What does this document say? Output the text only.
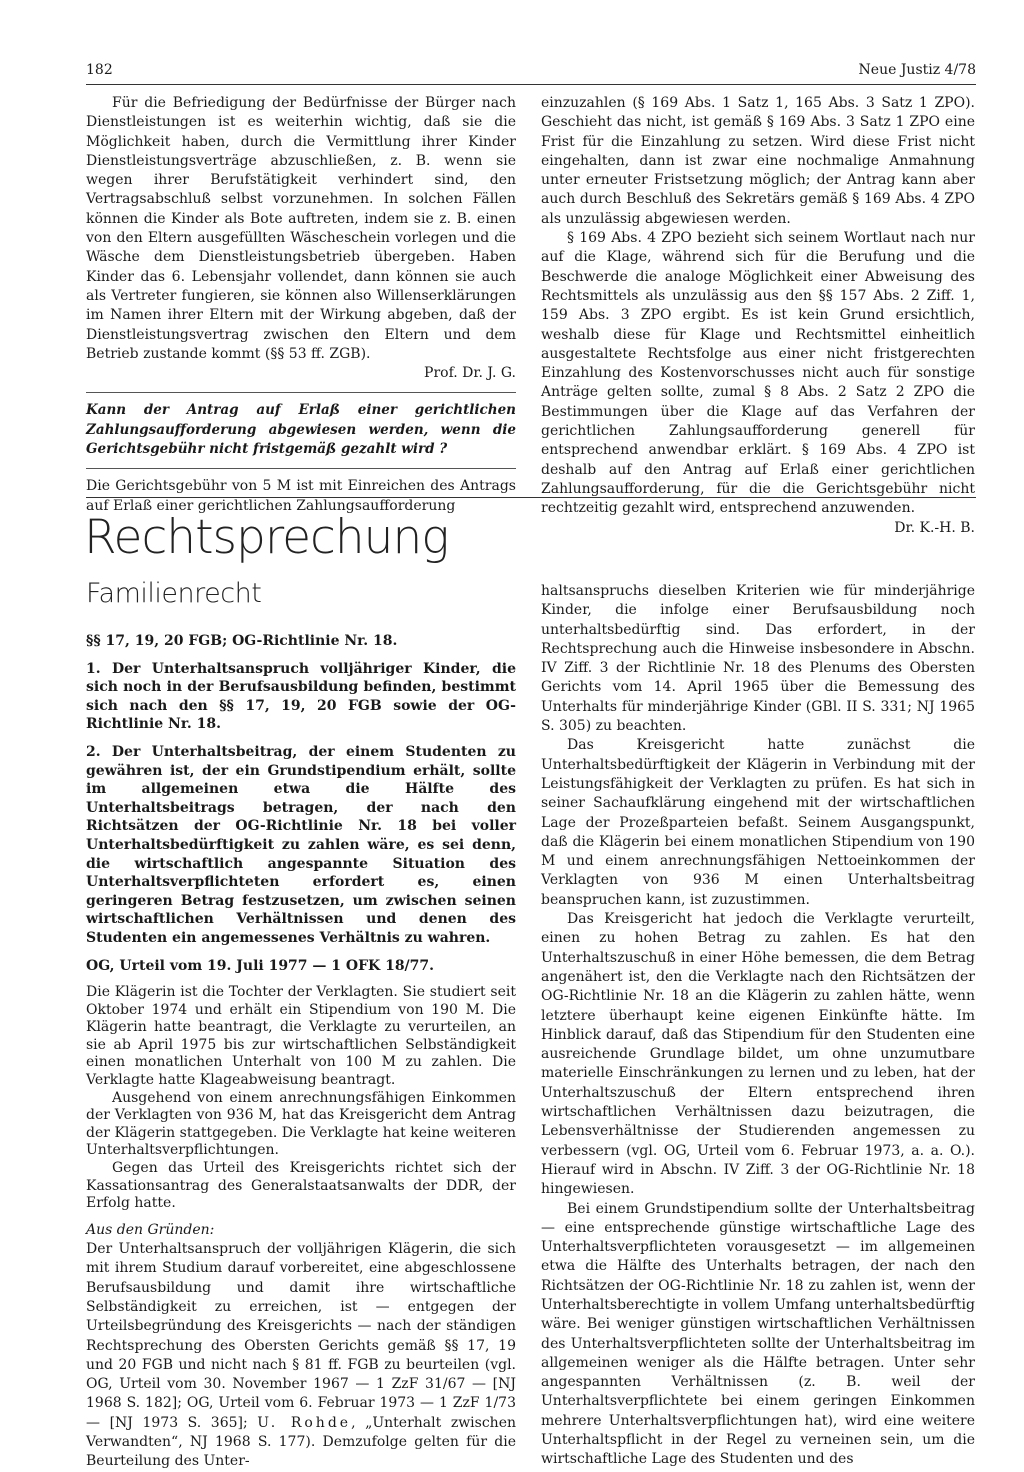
182	Neue Justiz 4/78

Für die Befriedigung der Bedürfnisse der Bürger nach Dienstleistungen ist es weiterhin wichtig, daß sie die Möglichkeit haben, durch die Vermittlung ihrer Kinder Dienstleistungsverträge abzuschließen, z. B. wenn sie wegen ihrer Berufstätigkeit verhindert sind, den Vertragsabschluß selbst vorzunehmen. In solchen Fällen können die Kinder als Bote auftreten, indem sie z. B. einen von den Eltern ausgefüllten Wäscheschein vorlegen und die Wäsche dem Dienstleistungsbetrieb übergeben. Haben Kinder das 6. Lebensjahr vollendet, dann können sie auch als Vertreter fungieren, sie können also Willenserklärungen im Namen ihrer Eltern mit der Wirkung abgeben, daß der Dienstleistungsvertrag zwischen den Eltern und dem Betrieb zustande kommt (§§ 53 ff. ZGB).

Prof. Dr. J. G.

Kann der Antrag auf Erlaß einer gerichtlichen Zahlungsaufforderung abgewiesen werden, wenn die Gerichtsgebühr nicht fristgemäß gezahlt wird ?

Die Gerichtsgebühr von 5 M ist mit Einreichen des Antrags auf Erlaß einer gerichtlichen Zahlungsaufforderung

einzuzahlen (§ 169 Abs. 1 Satz 1, 165 Abs. 3 Satz 1 ZPO). Geschieht das nicht, ist gemäß § 169 Abs. 3 Satz 1 ZPO eine Frist für die Einzahlung zu setzen. Wird diese Frist nicht eingehalten, dann ist zwar eine nochmalige Anmahnung unter erneuter Fristsetzung möglich; der Antrag kann aber auch durch Beschluß des Sekretärs gemäß § 169 Abs. 4 ZPO als unzulässig abgewiesen werden.

§ 169 Abs. 4 ZPO bezieht sich seinem Wortlaut nach nur auf die Klage, während sich für die Berufung und die Beschwerde die analoge Möglichkeit einer Abweisung des Rechtsmittels als unzulässig aus den §§ 157 Abs. 2 Ziff. 1, 159 Abs. 3 ZPO ergibt. Es ist kein Grund ersichtlich, weshalb diese für Klage und Rechtsmittel einheitlich ausgestaltete Rechtsfolge aus einer nicht fristgerechten Einzahlung des Kostenvorschusses nicht auch für sonstige Anträge gelten sollte, zumal § 8 Abs. 2 Satz 2 ZPO die Bestimmungen über die Klage auf das Verfahren der gerichtlichen Zahlungsaufforderung generell für entsprechend anwendbar erklärt. § 169 Abs. 4 ZPO ist deshalb auf den Antrag auf Erlaß einer gerichtlichen Zahlungsaufforderung, für die die Gerichtsgebühr nicht rechtzeitig gezahlt wird, entsprechend anzuwenden.

Dr. K.-H. B.

Rechtsprechung
Familienrecht

§§ 17, 19, 20 FGB; OG-Richtlinie Nr. 18.

1. Der Unterhaltsanspruch volljähriger Kinder, die sich noch in der Berufsausbildung befinden, bestimmt sich nach den §§ 17, 19, 20 FGB sowie der OG-Richtlinie Nr. 18.

2. Der Unterhaltsbeitrag, der einem Studenten zu gewähren ist, der ein Grundstipendium erhält, sollte im allgemeinen etwa die Hälfte des Unterhaltsbeitrags betragen, der nach den Richtsätzen der OG-Richtlinie Nr. 18 bei voller Unterhaltsbedürftigkeit zu zahlen wäre, es sei denn, die wirtschaftlich angespannte Situation des Unterhaltsverpflichteten erfordert es, einen geringeren Betrag festzusetzen, um zwischen seinen wirtschaftlichen Verhältnissen und denen des Studenten ein angemessenes Verhältnis zu wahren.

OG, Urteil vom 19. Juli 1977 — 1 OFK 18/77.

Die Klägerin ist die Tochter der Verklagten. Sie studiert seit Oktober 1974 und erhält ein Stipendium von 190 M. Die Klägerin hatte beantragt, die Verklagte zu verurteilen, an sie ab April 1975 bis zur wirtschaftlichen Selbständigkeit einen monatlichen Unterhalt von 100 M zu zahlen. Die Verklagte hatte Klageabweisung beantragt.

Ausgehend von einem anrechnungsfähigen Einkommen der Verklagten von 936 M, hat das Kreisgericht dem Antrag der Klägerin stattgegeben. Die Verklagte hat keine weiteren Unterhaltsverpflichtungen.

Gegen das Urteil des Kreisgerichts richtet sich der Kassationsantrag des Generalstaatsanwalts der DDR, der Erfolg hatte.

Aus den Gründen:

Der Unterhaltsanspruch der volljährigen Klägerin, die sich mit ihrem Studium darauf vorbereitet, eine abgeschlossene Berufsausbildung und damit ihre wirtschaftliche Selbständigkeit zu erreichen, ist — entgegen der Urteilsbegründung des Kreisgerichts — nach der ständigen Rechtsprechung des Obersten Gerichts gemäß §§ 17, 19 und 20 FGB und nicht nach § 81 ff. FGB zu beurteilen (vgl. OG, Urteil vom 30. November 1967 — 1 ZzF 31/67 — [NJ 1968 S. 182]; OG, Urteil vom 6. Februar 1973 — 1 ZzF 1/73 — [NJ 1973 S. 365]; U. Rohde, „Unterhalt zwischen Verwandten“, NJ 1968 S. 177). Demzufolge gelten für die Beurteilung des Unter-

haltsanspruchs dieselben Kriterien wie für minderjährige Kinder, die infolge einer Berufsausbildung noch unterhaltsbedürftig sind. Das erfordert, in der Rechtsprechung auch die Hinweise insbesondere in Abschn. IV Ziff. 3 der Richtlinie Nr. 18 des Plenums des Obersten Gerichts vom 14. April 1965 über die Bemessung des Unterhalts für minderjährige Kinder (GBl. II S. 331; NJ 1965 S. 305) zu beachten.

Das Kreisgericht hatte zunächst die Unterhaltsbedürftigkeit der Klägerin in Verbindung mit der Leistungsfähigkeit der Verklagten zu prüfen. Es hat sich in seiner Sachaufklärung eingehend mit der wirtschaftlichen Lage der Prozeßparteien befaßt. Seinem Ausgangspunkt, daß die Klägerin bei einem monatlichen Stipendium von 190 M und einem anrechnungsfähigen Nettoeinkommen der Verklagten von 936 M einen Unterhaltsbeitrag beanspruchen kann, ist zuzustimmen.

Das Kreisgericht hat jedoch die Verklagte verurteilt, einen zu hohen Betrag zu zahlen. Es hat den Unterhaltszuschuß in einer Höhe bemessen, die dem Betrag angenähert ist, den die Verklagte nach den Richtsätzen der OG-Richtlinie Nr. 18 an die Klägerin zu zahlen hätte, wenn letztere überhaupt keine eigenen Einkünfte hätte. Im Hinblick darauf, daß das Stipendium für den Studenten eine ausreichende Grundlage bildet, um ohne unzumutbare materielle Einschränkungen zu lernen und zu leben, hat der Unterhaltszuschuß der Eltern entsprechend ihren wirtschaftlichen Verhältnissen dazu beizutragen, die Lebensverhältnisse der Studierenden angemessen zu verbessern (vgl. OG, Urteil vom 6. Februar 1973, a. a. O.). Hierauf wird in Abschn. IV Ziff. 3 der OG-Richtlinie Nr. 18 hingewiesen.

Bei einem Grundstipendium sollte der Unterhaltsbeitrag — eine entsprechende günstige wirtschaftliche Lage des Unterhaltsverpflichteten vorausgesetzt — im allgemeinen etwa die Hälfte des Unterhalts betragen, der nach den Richtsätzen der OG-Richtlinie Nr. 18 zu zahlen ist, wenn der Unterhaltsberechtigte in vollem Umfang unterhaltsbedürftig wäre. Bei weniger günstigen wirtschaftlichen Verhältnissen des Unterhaltsverpflichteten sollte der Unterhaltsbeitrag im allgemeinen weniger als die Hälfte betragen. Unter sehr angespannten Verhältnissen (z. B. weil der Unterhaltsverpflichtete bei einem geringen Einkommen mehrere Unterhaltsverpflichtungen hat), wird eine weitere Unterhaltspflicht in der Regel zu verneinen sein, um die wirtschaftliche Lage des Studenten und des
